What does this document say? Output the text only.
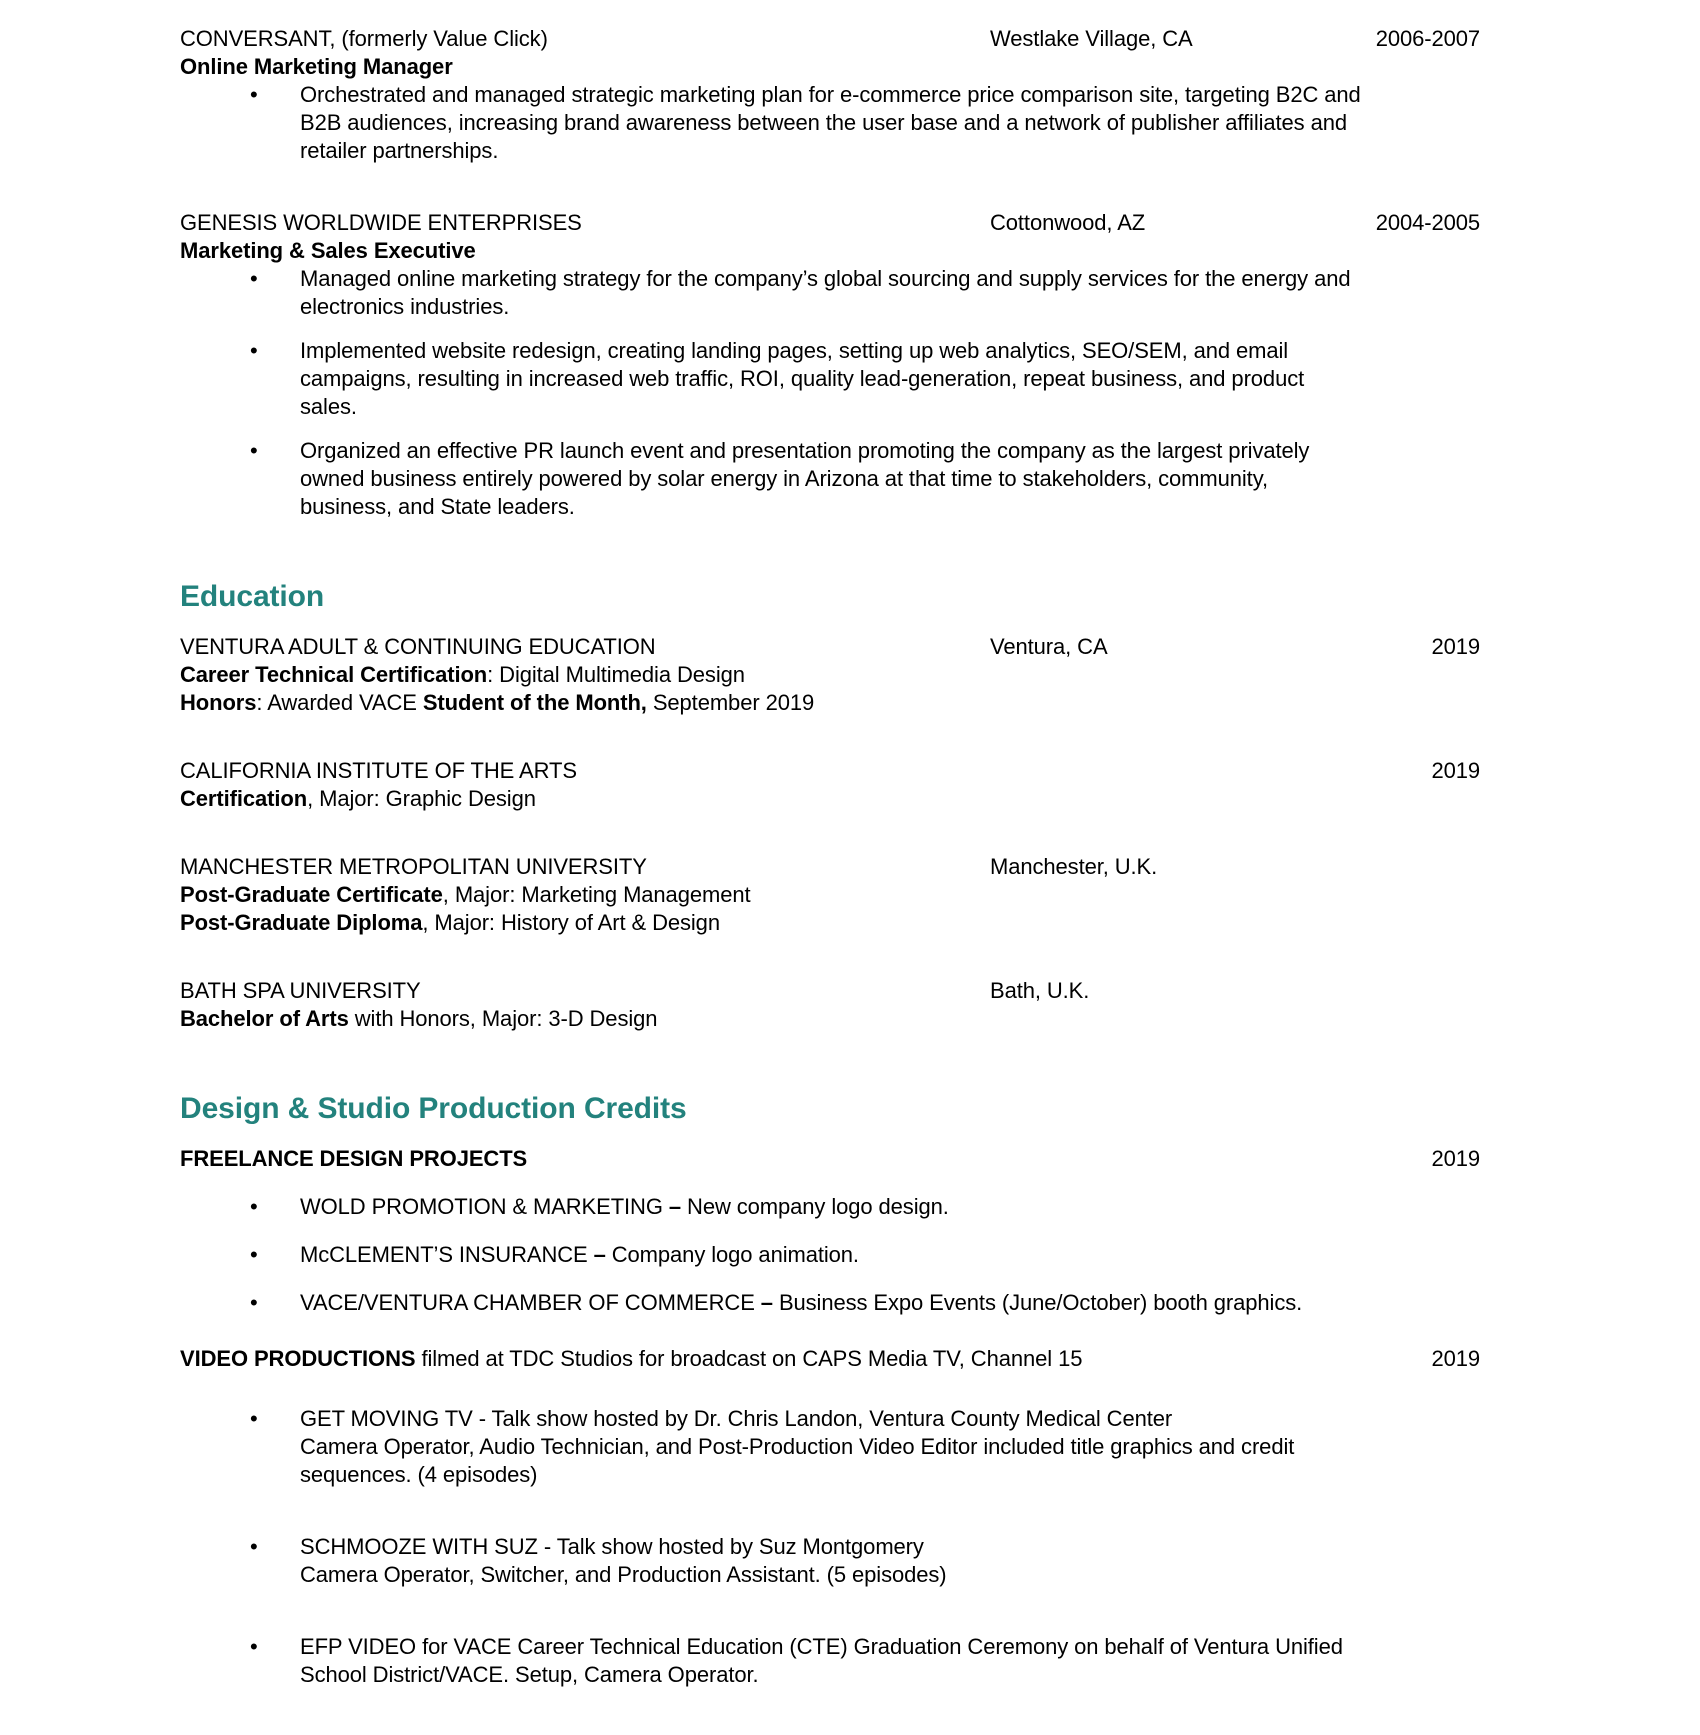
CONVERSANT, (formerly Value Click)	Westlake Village, CA	2006-2007
Online Marketing Manager
• Orchestrated and managed strategic marketing plan for e-commerce price comparison site, targeting B2C and B2B audiences, increasing brand awareness between the user base and a network of publisher affiliates and retailer partnerships.
GENESIS WORLDWIDE ENTERPRISES	Cottonwood, AZ	2004-2005
Marketing & Sales Executive
• Managed online marketing strategy for the company’s global sourcing and supply services for the energy and electronics industries.
• Implemented website redesign, creating landing pages, setting up web analytics, SEO/SEM, and email campaigns, resulting in increased web traffic, ROI, quality lead-generation, repeat business, and product sales.
• Organized an effective PR launch event and presentation promoting the company as the largest privately owned business entirely powered by solar energy in Arizona at that time to stakeholders, community, business, and State leaders.
Education
VENTURA ADULT & CONTINUING EDUCATION	Ventura, CA	2019

Career Technical Certification: Digital Multimedia Design

Honors: Awarded VACE Student of the Month, September 2019

CALIFORNIA INSTITUTE OF THE ARTS	2019

Certification, Major: Graphic Design

MANCHESTER METROPOLITAN UNIVERSITY	Manchester, U.K.

Post-Graduate Certificate, Major: Marketing Management

Post-Graduate Diploma, Major: History of Art & Design

BATH SPA UNIVERSITY	Bath, U.K.

Bachelor of Arts with Honors, Major: 3-D Design

Design & Studio Production Credits
FREELANCE DESIGN PROJECTS	2019
• WOLD PROMOTION & MARKETING – New company logo design.
• McCLEMENT’S INSURANCE – Company logo animation.
• VACE/VENTURA CHAMBER OF COMMERCE – Business Expo Events (June/October) booth graphics.

VIDEO PRODUCTIONS filmed at TDC Studios for broadcast on CAPS Media TV, Channel 15	2019
• GET MOVING TV - Talk show hosted by Dr. Chris Landon, Ventura County Medical Center
Camera Operator, Audio Technician, and Post-Production Video Editor included title graphics and credit sequences. (4 episodes)
• SCHMOOZE WITH SUZ - Talk show hosted by Suz Montgomery
Camera Operator, Switcher, and Production Assistant. (5 episodes)
• EFP VIDEO for VACE Career Technical Education (CTE) Graduation Ceremony on behalf of Ventura Unified School District/VACE. Setup, Camera Operator.
